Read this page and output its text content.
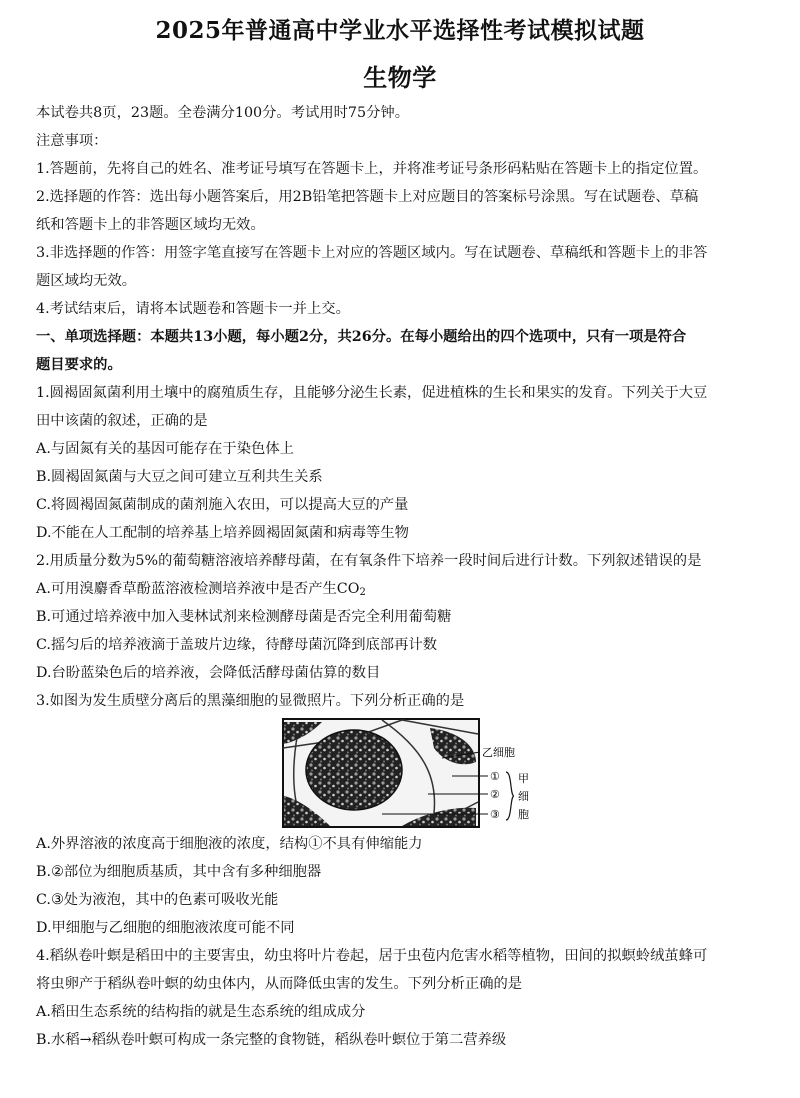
2025年普通高中学业水平选择性考试模拟试题
生物学
本试卷共8页，23题。全卷满分100分。考试用时75分钟。
注意事项：
1.答题前，先将自己的姓名、准考证号填写在答题卡上，并将准考证号条形码粘贴在答题卡上的指定位置。
2.选择题的作答：选出每小题答案后，用2B铅笔把答题卡上对应题目的答案标号涂黑。写在试题卷、草稿
纸和答题卡上的非答题区域均无效。
3.非选择题的作答：用签字笔直接写在答题卡上对应的答题区域内。写在试题卷、草稿纸和答题卡上的非答
题区域均无效。
4.考试结束后，请将本试题卷和答题卡一并上交。
一、单项选择题：本题共13小题，每小题2分，共26分。在每小题给出的四个选项中，只有一项是符合
题目要求的。
1.圆褐固氮菌利用土壤中的腐殖质生存，且能够分泌生长素，促进植株的生长和果实的发育。下列关于大豆
田中该菌的叙述，正确的是
A.与固氮有关的基因可能存在于染色体上
B.圆褐固氮菌与大豆之间可建立互利共生关系
C.将圆褐固氮菌制成的菌剂施入农田，可以提高大豆的产量
D.不能在人工配制的培养基上培养圆褐固氮菌和病毒等生物
2.用质量分数为5%的葡萄糖溶液培养酵母菌，在有氧条件下培养一段时间后进行计数。下列叙述错误的是
A.可用溴麝香草酚蓝溶液检测培养液中是否产生$CO_2$
B.可通过培养液中加入斐林试剂来检测酵母菌是否完全利用葡萄糖
C.摇匀后的培养液滴于盖玻片边缘，待酵母菌沉降到底部再计数
D.台盼蓝染色后的培养液，会降低活酵母菌估算的数目
3.如图为发生质壁分离后的黑藻细胞的显微照片。下列分析正确的是
乙细胞
①
②
③
甲
细
胞
A.外界溶液的浓度高于细胞液的浓度，结构①不具有伸缩能力
B.②部位为细胞质基质，其中含有多种细胞器
C.③处为液泡，其中的色素可吸收光能
D.甲细胞与乙细胞的细胞液浓度可能不同
4.稻纵卷叶螟是稻田中的主要害虫，幼虫将叶片卷起，居于虫苞内危害水稻等植物，田间的拟螟蛉绒茧蜂可
将虫卵产于稻纵卷叶螟的幼虫体内，从而降低虫害的发生。下列分析正确的是
A.稻田生态系统的结构指的就是生态系统的组成成分
B.水稻→稻纵卷叶螟可构成一条完整的食物链，稻纵卷叶螟位于第二营养级
